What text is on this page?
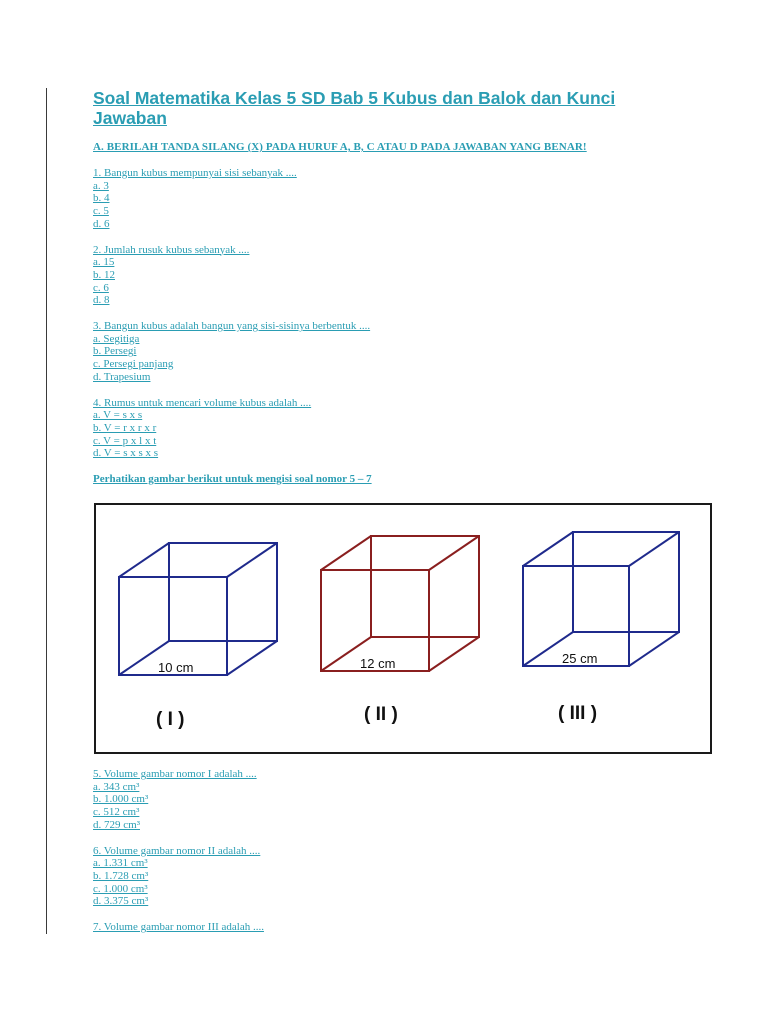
Soal Matematika Kelas 5 SD Bab 5 Kubus dan Balok dan Kunci Jawaban
A. BERILAH TANDA SILANG (X) PADA HURUF A, B, C ATAU D PADA JAWABAN YANG BENAR!
1. Bangun kubus mempunyai sisi sebanyak ....
a. 3
b. 4
c. 5
d. 6
2. Jumlah rusuk kubus sebanyak ....
a. 15
b. 12
c. 6
d. 8
3. Bangun kubus adalah bangun yang sisi-sisinya berbentuk ....
a. Segitiga
b. Persegi
c. Persegi panjang
d. Trapesium
4. Rumus untuk mencari volume kubus adalah ....
a. V = s x s
b. V = r x r x r
c. V = p x l x t
d. V = s x s x s
Perhatikan gambar berikut untuk mengisi soal nomor 5 – 7
10 cm
( I )
12 cm
( II )
25 cm
( III )
5. Volume gambar nomor I adalah ....
a. 343 cm³
b. 1.000 cm³
c. 512 cm³
d. 729 cm³
6. Volume gambar nomor II adalah ....
a. 1.331 cm³
b. 1.728 cm³
c. 1.000 cm³
d. 3.375 cm³
7. Volume gambar nomor III adalah ....
